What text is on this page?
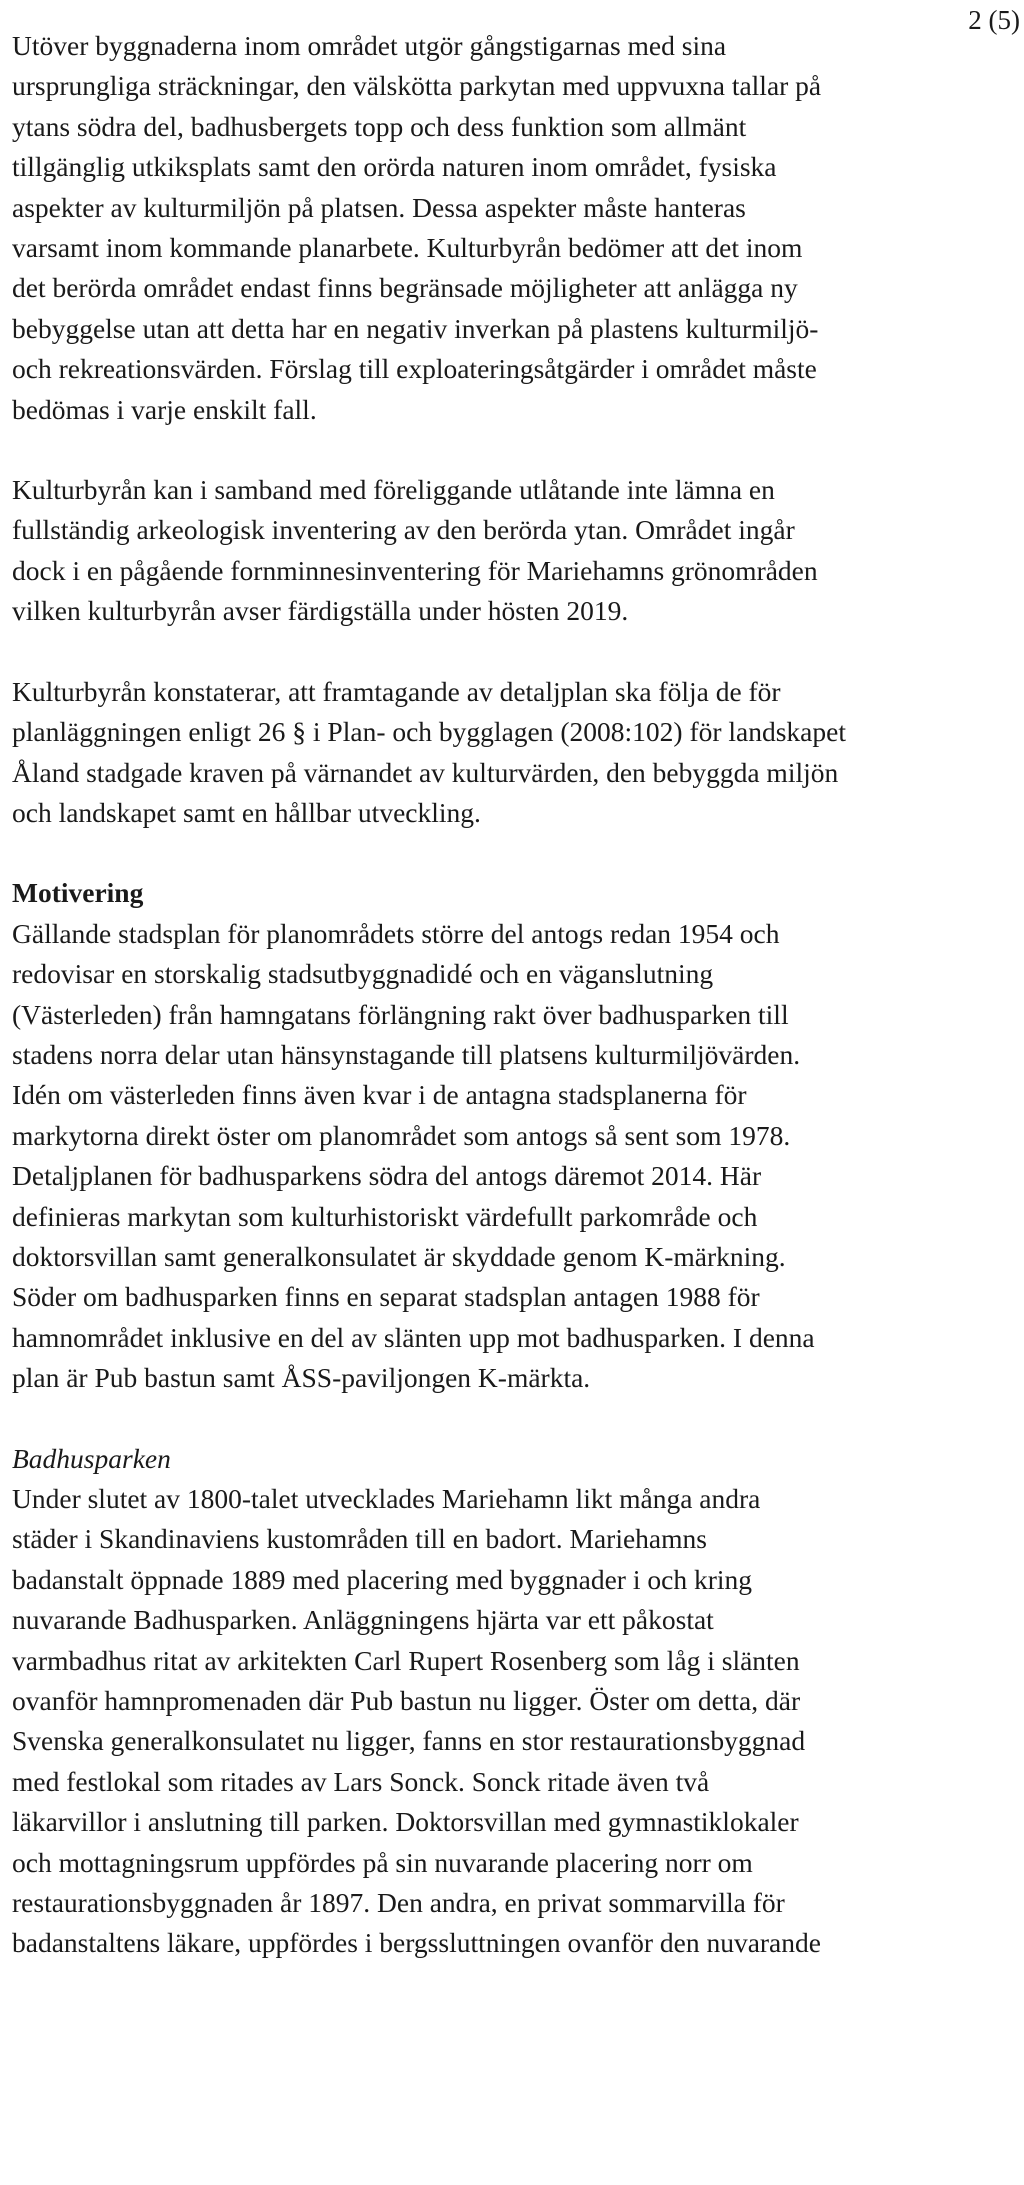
2 (5)

Utöver byggnaderna inom området utgör gångstigarnas med sina
ursprungliga sträckningar, den välskötta parkytan med uppvuxna tallar på
ytans södra del, badhusbergets topp och dess funktion som allmänt
tillgänglig utkiksplats samt den orörda naturen inom området, fysiska
aspekter av kulturmiljön på platsen. Dessa aspekter måste hanteras
varsamt inom kommande planarbete. Kulturbyrån bedömer att det inom
det berörda området endast finns begränsade möjligheter att anlägga ny
bebyggelse utan att detta har en negativ inverkan på plastens kulturmiljö-
och rekreationsvärden. Förslag till exploateringsåtgärder i området måste
bedömas i varje enskilt fall.

Kulturbyrån kan i samband med föreliggande utlåtande inte lämna en
fullständig arkeologisk inventering av den berörda ytan. Området ingår
dock i en pågående fornminnesinventering för Mariehamns grönområden
vilken kulturbyrån avser färdigställa under hösten 2019.

Kulturbyrån konstaterar, att framtagande av detaljplan ska följa de för
planläggningen enligt 26 § i Plan- och bygglagen (2008:102) för landskapet
Åland stadgade kraven på värnandet av kulturvärden, den bebyggda miljön
och landskapet samt en hållbar utveckling.

Motivering

Gällande stadsplan för planområdets större del antogs redan 1954 och
redovisar en storskalig stadsutbyggnadidé och en väganslutning
(Västerleden) från hamngatans förlängning rakt över badhusparken till
stadens norra delar utan hänsynstagande till platsens kulturmiljövärden.
Idén om västerleden finns även kvar i de antagna stadsplanerna för
markytorna direkt öster om planområdet som antogs så sent som 1978.
Detaljplanen för badhusparkens södra del antogs däremot 2014. Här
definieras markytan som kulturhistoriskt värdefullt parkområde och
doktorsvillan samt generalkonsulatet är skyddade genom K-märkning.
Söder om badhusparken finns en separat stadsplan antagen 1988 för
hamnområdet inklusive en del av slänten upp mot badhusparken. I denna
plan är Pub bastun samt ÅSS-paviljongen K-märkta.

Badhusparken

Under slutet av 1800-talet utvecklades Mariehamn likt många andra
städer i Skandinaviens kustområden till en badort. Mariehamns
badanstalt öppnade 1889 med placering med byggnader i och kring
nuvarande Badhusparken. Anläggningens hjärta var ett påkostat
varmbadhus ritat av arkitekten Carl Rupert Rosenberg som låg i slänten
ovanför hamnpromenaden där Pub bastun nu ligger. Öster om detta, där
Svenska generalkonsulatet nu ligger, fanns en stor restaurationsbyggnad
med festlokal som ritades av Lars Sonck. Sonck ritade även två
läkarvillor i anslutning till parken. Doktorsvillan med gymnastiklokaler
och mottagningsrum uppfördes på sin nuvarande placering norr om
restaurationsbyggnaden år 1897. Den andra, en privat sommarvilla för
badanstaltens läkare, uppfördes i bergssluttningen ovanför den nuvarande
